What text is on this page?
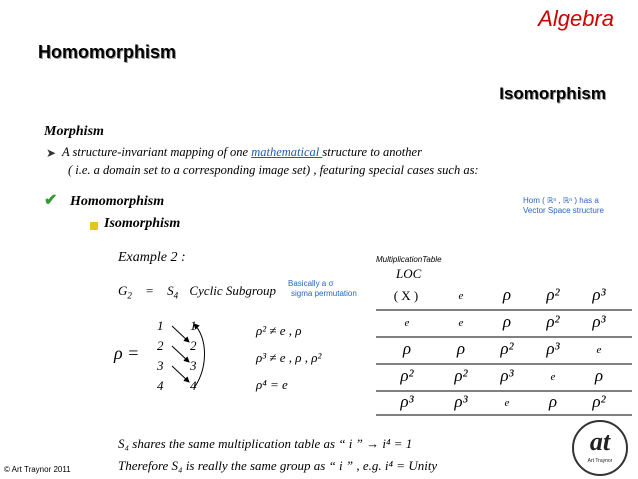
Algebra
Homomorphism
Isomorphism
Morphism
➤ A structure-invariant mapping of one mathematical structure to another
( i.e. a domain set to a corresponding image set) , featuring special cases such as:
✔ Homomorphism
Isomorphism
Hom ( ℝⁿ , ℝⁿ ) has a
Vector Space structure
Example 2 :
$G_2 = S_4$ Cyclic Subgroup Basically a σ
sigma permutation
ρ =
1
2
3
4
1
2
3
4
ρ² ≠ e , ρ
ρ³ ≠ e , ρ , ρ²
ρ⁴ = e
MultiplicationTable
LOC
( X )	e	ρ	ρ²	ρ³
e	e	ρ	ρ²	ρ³
ρ	ρ	ρ²	ρ³	e
ρ²	ρ²	ρ³	e	ρ
ρ³	ρ³	e	ρ	ρ²
S₄ shares the same multiplication table as “ i ” → i⁴ = 1
Therefore S₄ is really the same group as “ i ” , e.g. i⁴ = Unity
© Art Traynor 2011
at
Art Traynor
